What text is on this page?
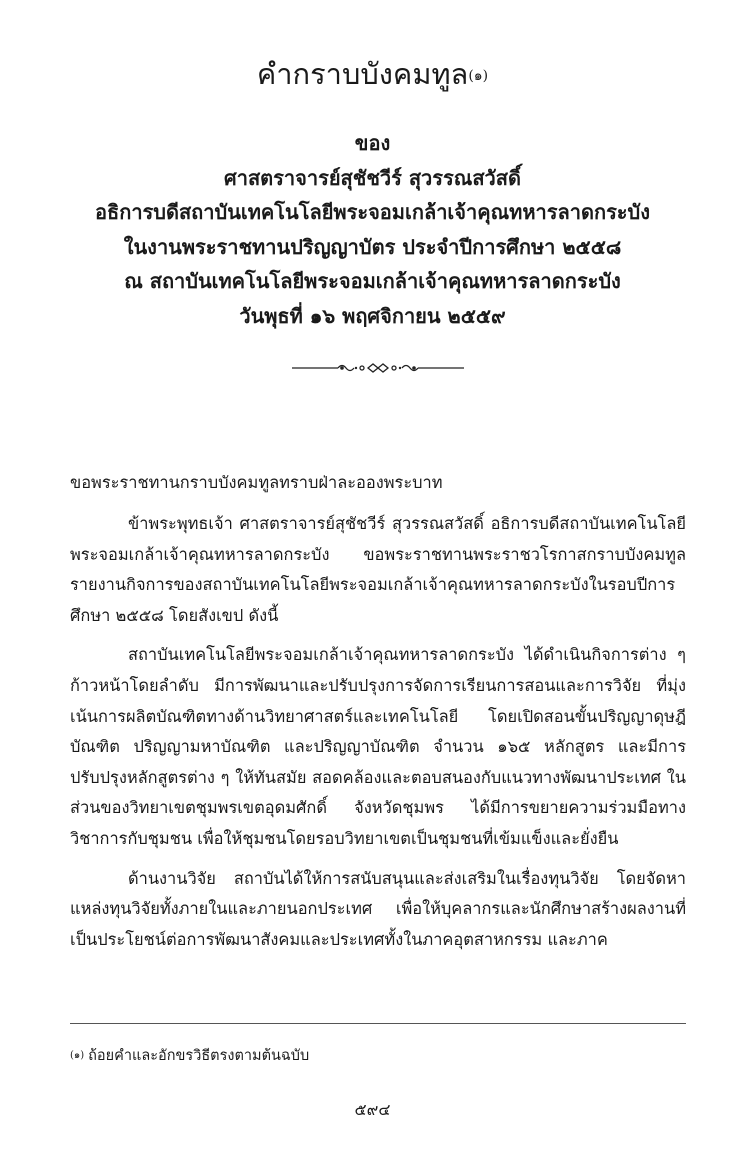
คำกราบบังคมทูล$^{(๑)}$
ของ
ศาสตราจารย์สุชัชวีร์ สุวรรณสวัสดิ์
อธิการบดีสถาบันเทคโนโลยีพระจอมเกล้าเจ้าคุณทหารลาดกระบัง
ในงานพระราชทานปริญญาบัตร ประจำปีการศึกษา ๒๕๕๘
ณ สถาบันเทคโนโลยีพระจอมเกล้าเจ้าคุณทหารลาดกระบัง
วันพุธที่ ๑๖ พฤศจิกายน ๒๕๕๙
ขอพระราชทานกราบบังคมทูลทราบฝ่าละอองพระบาท

ข้าพระพุทธเจ้า ศาสตราจารย์สุชัชวีร์ สุวรรณสวัสดิ์ อธิการบดีสถาบันเทคโนโลยีพระจอมเกล้าเจ้าคุณทหารลาดกระบัง ขอพระราชทานพระราชวโรกาสกราบบังคมทูลรายงานกิจการของสถาบันเทคโนโลยีพระจอมเกล้าเจ้าคุณทหารลาดกระบังในรอบปีการศึกษา ๒๕๕๘ โดยสังเขป ดังนี้

สถาบันเทคโนโลยีพระจอมเกล้าเจ้าคุณทหารลาดกระบัง ได้ดำเนินกิจการต่าง ๆ ก้าวหน้าโดยลำดับ มีการพัฒนาและปรับปรุงการจัดการเรียนการสอนและการวิจัย ที่มุ่งเน้นการผลิตบัณฑิตทางด้านวิทยาศาสตร์และเทคโนโลยี โดยเปิดสอนขั้นปริญญาดุษฎีบัณฑิต ปริญญามหาบัณฑิต และปริญญาบัณฑิต จำนวน ๑๖๕ หลักสูตร และมีการปรับปรุงหลักสูตรต่าง ๆ ให้ทันสมัย สอดคล้องและตอบสนองกับแนวทางพัฒนาประเทศ ในส่วนของวิทยาเขตชุมพรเขตอุดมศักดิ์ จังหวัดชุมพร ได้มีการขยายความร่วมมือทางวิชาการกับชุมชน เพื่อให้ชุมชนโดยรอบวิทยาเขตเป็นชุมชนที่เข้มแข็งและยั่งยืน

ด้านงานวิจัย สถาบันได้ให้การสนับสนุนและส่งเสริมในเรื่องทุนวิจัย โดยจัดหาแหล่งทุนวิจัยทั้งภายในและภายนอกประเทศ เพื่อให้บุคลากรและนักศึกษาสร้างผลงานที่เป็นประโยชน์ต่อการพัฒนาสังคมและประเทศทั้งในภาคอุตสาหกรรม และภาค

$^{(๑)}$ ถ้อยคำและอักขรวิธีตรงตามต้นฉบับ
๕๙๔
